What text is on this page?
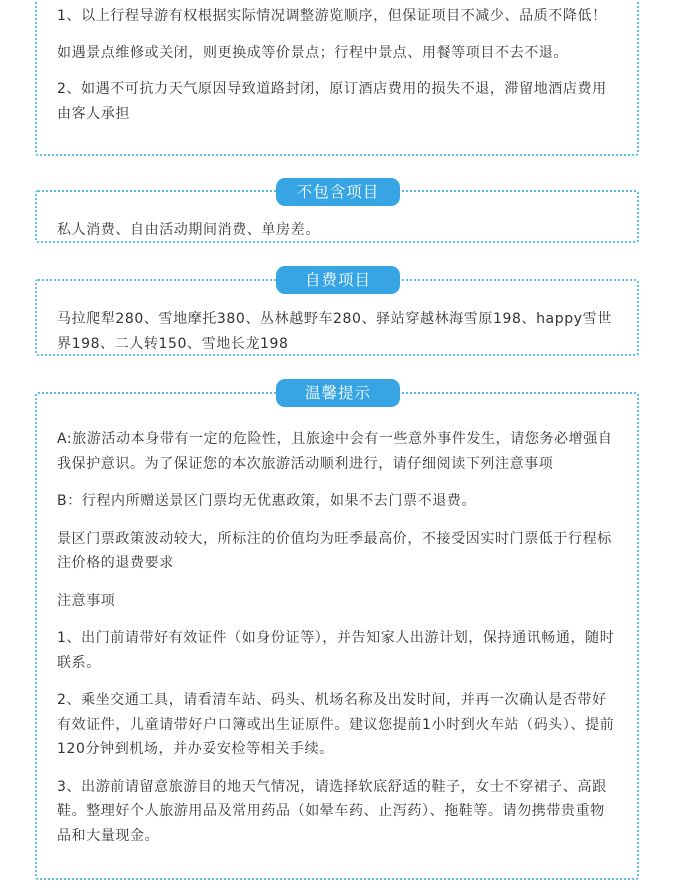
1、以上行程导游有权根据实际情况调整游览顺序，但保证项目不减少、品质不降低！

如遇景点维修或关闭，则更换成等价景点；行程中景点、用餐等项目不去不退。

2、如遇不可抗力天气原因导致道路封闭，原订酒店费用的损失不退，滞留地酒店费用由客人承担

私人消费、自由活动期间消费、单房差。

不包含项目

马拉爬犁280、雪地摩托380、丛林越野车280、驿站穿越林海雪原198、happy雪世界198、二人转150、雪地长龙198

自费项目

A:旅游活动本身带有一定的危险性，且旅途中会有一些意外事件发生，请您务必增强自我保护意识。为了保证您的本次旅游活动顺利进行，请仔细阅读下列注意事项

B：行程内所赠送景区门票均无优惠政策，如果不去门票不退费。

景区门票政策波动较大，所标注的价值均为旺季最高价，不接受因实时门票低于行程标注价格的退费要求

注意事项

1、出门前请带好有效证件（如身份证等），并告知家人出游计划，保持通讯畅通，随时联系。

2、乘坐交通工具，请看清车站、码头、机场名称及出发时间，并再一次确认是否带好有效证件，儿童请带好户口簿或出生证原件。建议您提前1小时到火车站（码头）、提前120分钟到机场，并办妥安检等相关手续。

3、出游前请留意旅游目的地天气情况，请选择软底舒适的鞋子，女士不穿裙子、高跟鞋。整理好个人旅游用品及常用药品（如晕车药、止泻药）、拖鞋等。请勿携带贵重物品和大量现金。

温馨提示
